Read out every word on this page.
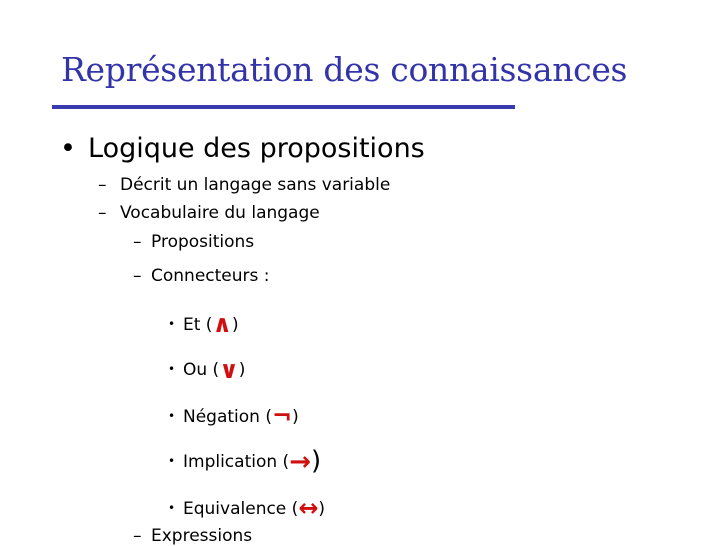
Représentation des connaissances
• Logique des propositions
– Décrit un langage sans variable
– Vocabulaire du langage
– Propositions
– Connecteurs :
• Et (∧)
• Ou (∨)
• Négation (¬)
• Implication (→)
• Equivalence (↔)
– Expressions
